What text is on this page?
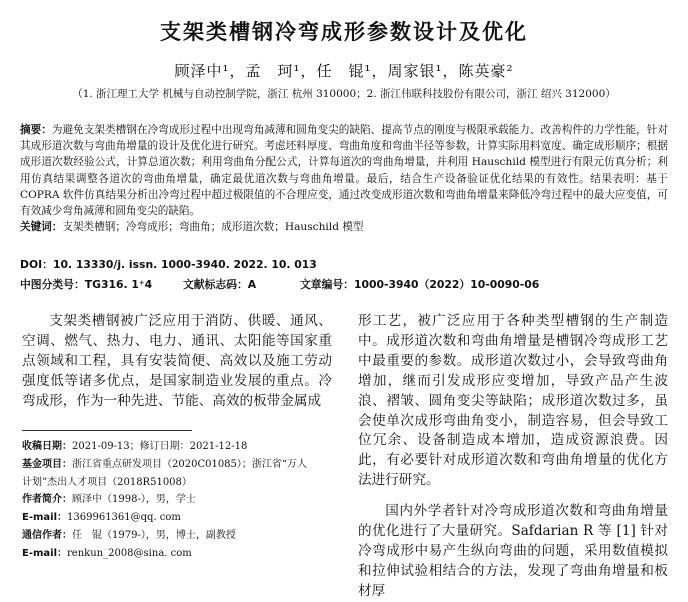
支架类槽钢冷弯成形参数设计及优化
顾泽中¹，孟　珂¹，任　锟¹，周家银¹，陈英豪²
（1. 浙江理工大学 机械与自动控制学院，浙江 杭州 310000；2. 浙江伟联科技股份有限公司，浙江 绍兴 312000）
摘要：为避免支架类槽钢在冷弯成形过程中出现弯角减薄和圆角变尖的缺陷、提高节点的刚度与极限承载能力、改善构件的力学性能，针对其成形道次数与弯曲角增量的设计及优化进行研究。考虑坯料厚度、弯曲角度和弯曲半径等参数，计算实际用料宽度、确定成形顺序；根据成形道次数经验公式，计算总道次数；利用弯曲角分配公式，计算每道次的弯曲角增量，并利用 Hauschild 模型进行有限元仿真分析；利用仿真结果调整各道次的弯曲角增量，确定最优道次数与弯曲角增量。最后，结合生产设备验证优化结果的有效性。结果表明：基于 COPRA 软件仿真结果分析出冷弯过程中超过极限值的不合理应变，通过改变成形道次数和弯曲角增量来降低冷弯过程中的最大应变值，可有效减少弯角减薄和圆角变尖的缺陷。
关键词：支架类槽钢；冷弯成形；弯曲角；成形道次数；Hauschild 模型
DOI：10. 13330/j. issn. 1000-3940. 2022. 10. 013
中图分类号：TG316. 1⁺4	文献标志码：A	文章编号：1000-3940（2022）10-0090-06
支架类槽钢被广泛应用于消防、供暖、通风、空调、燃气、热力、电力、通讯、太阳能等国家重点领域和工程，具有安装简便、高效以及施工劳动强度低等诸多优点，是国家制造业发展的重点。冷弯成形，作为一种先进、节能、高效的板带金属成
形工艺，被广泛应用于各种类型槽钢的生产制造中。成形道次数和弯曲角增量是槽钢冷弯成形工艺中最重要的参数。成形道次数过小，会导致弯曲角增加，继而引发成形应变增加，导致产品产生波浪、褶皱、圆角变尖等缺陷；成形道次数过多，虽会使单次成形弯曲角变小，制造容易，但会导致工位冗余、设备制造成本增加，造成资源浪费。因此，有必要针对成形道次数和弯曲角增量的优化方法进行研究。
国内外学者针对冷弯成形道次数和弯曲角增量的优化进行了大量研究。Safdarian R 等 [1] 针对冷弯成形中易产生纵向弯曲的问题，采用数值模拟和拉伸试验相结合的方法，发现了弯曲角增量和板材厚
收稿日期：2021-09-13；修订日期：2021-12-18
基金项目：浙江省重点研发项目（2020C01085）；浙江省“万人
计划”杰出人才项目（2018R51008）
作者简介：顾泽中（1998-），男，学士
E-mail：1369961361@qq. com
通信作者：任　锟（1979-），男，博士，副教授
E-mail：renkun_2008@sina. com
